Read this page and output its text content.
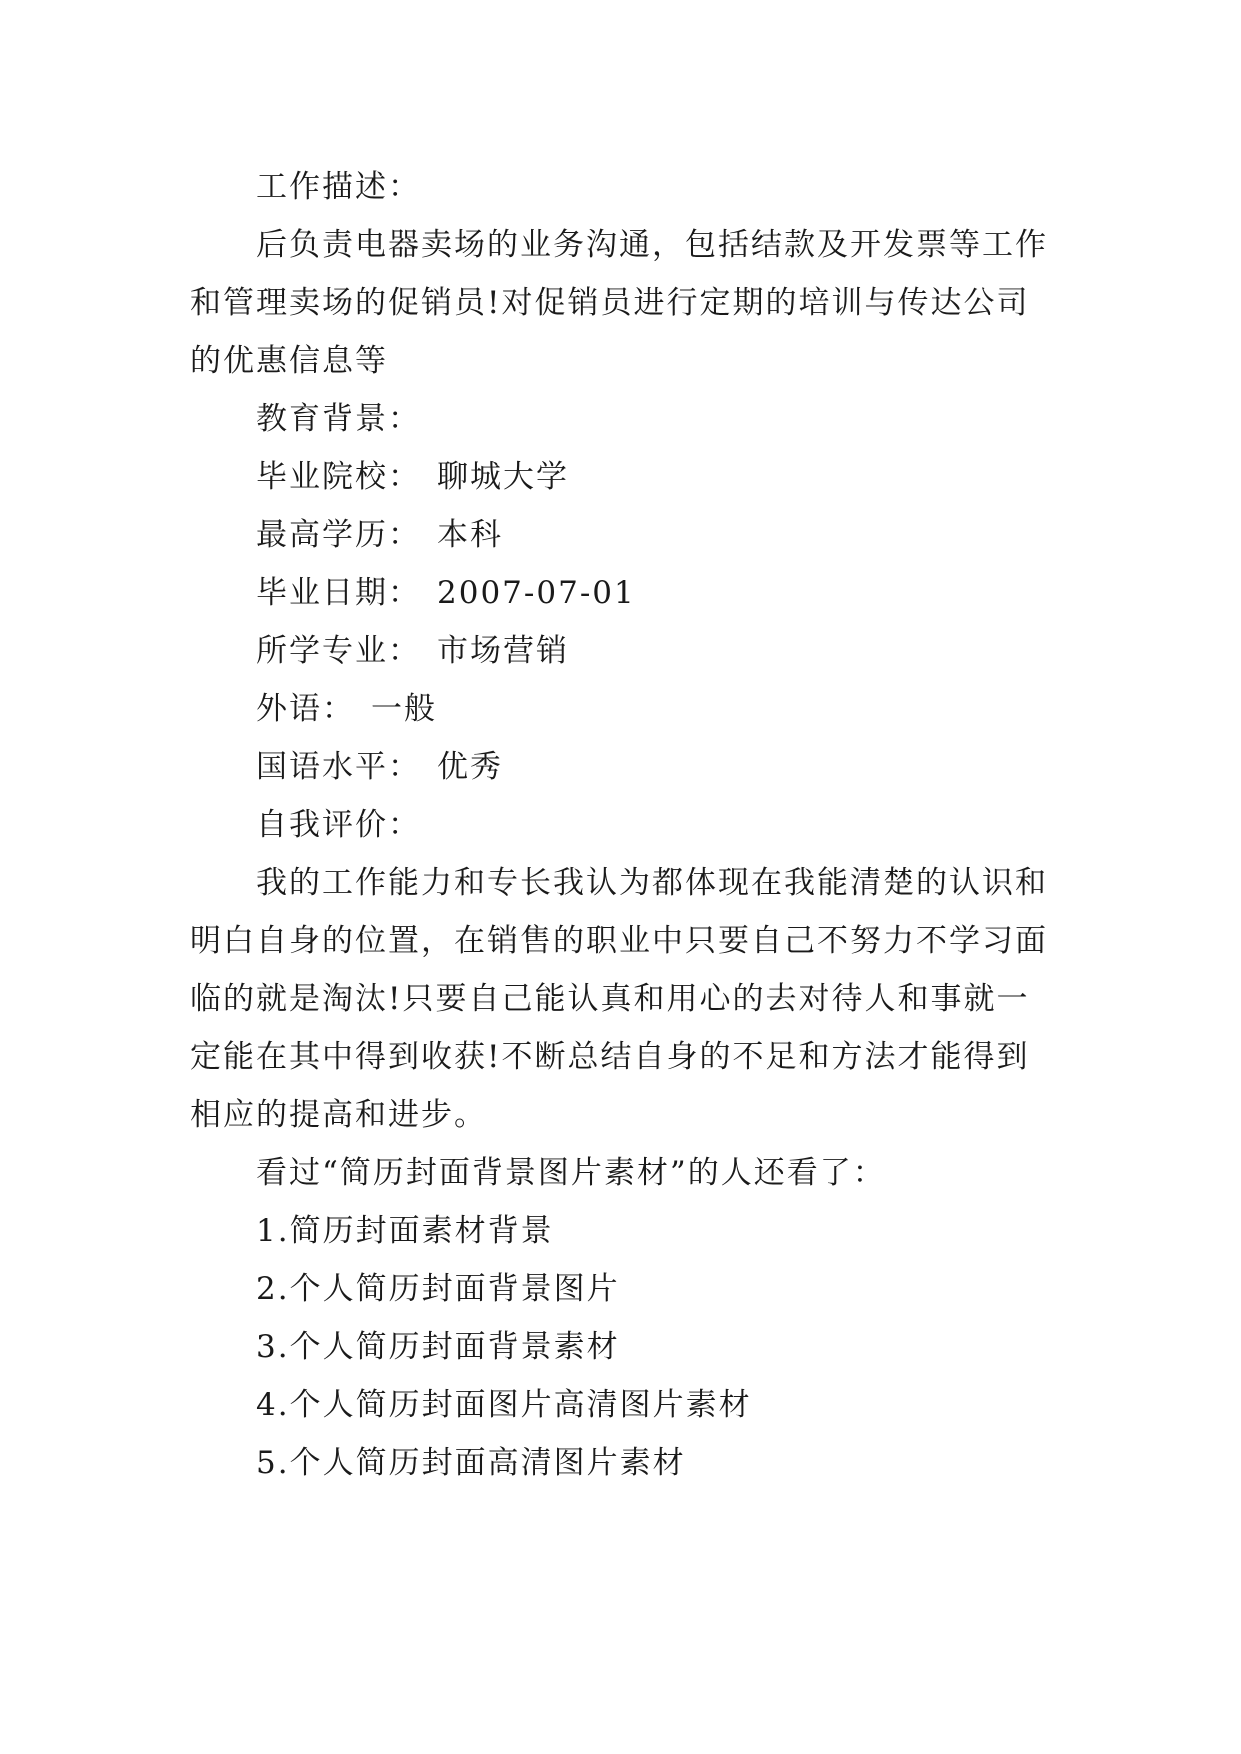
工作描述：

后负责电器卖场的业务沟通，包括结款及开发票等工作和管理卖场的促销员!对促销员进行定期的培训与传达公司的优惠信息等

教育背景：

毕业院校： 聊城大学

最高学历： 本科

毕业日期： 2007-07-01

所学专业： 市场营销

外语： 一般

国语水平： 优秀

自我评价：

我的工作能力和专长我认为都体现在我能清楚的认识和明白自身的位置，在销售的职业中只要自己不努力不学习面临的就是淘汰!只要自己能认真和用心的去对待人和事就一定能在其中得到收获!不断总结自身的不足和方法才能得到相应的提高和进步。

看过“简历封面背景图片素材”的人还看了：

1.简历封面素材背景

2.个人简历封面背景图片

3.个人简历封面背景素材

4.个人简历封面图片高清图片素材

5.个人简历封面高清图片素材
